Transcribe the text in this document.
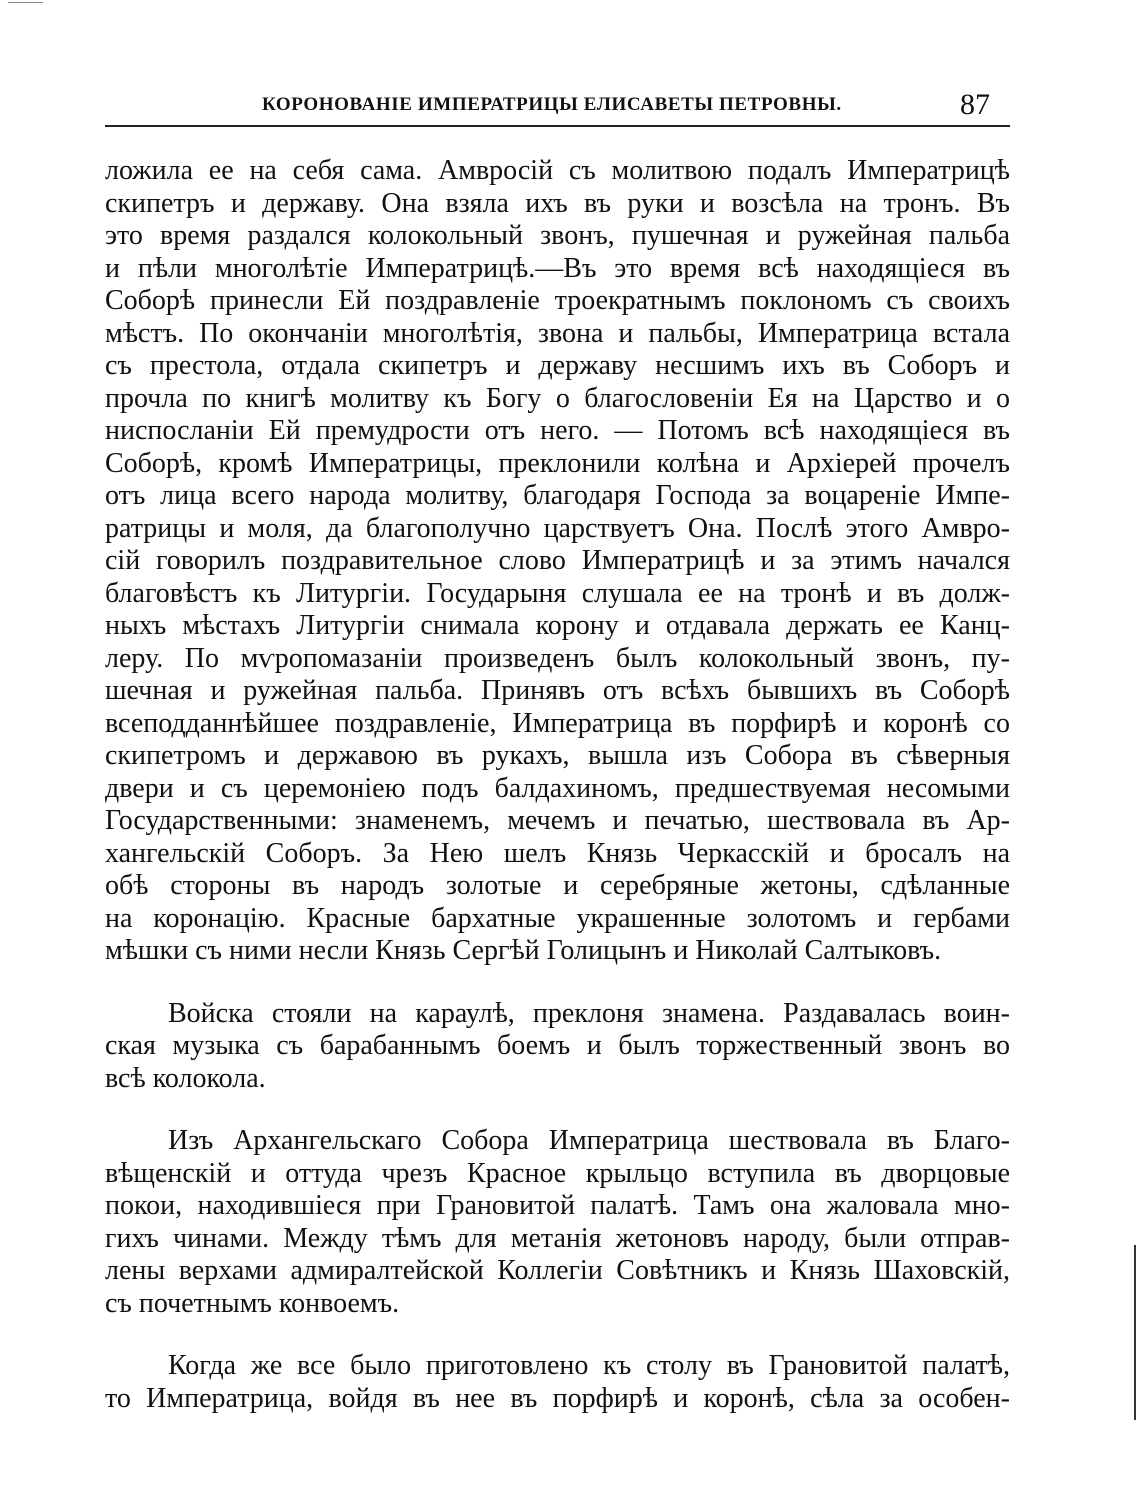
КОРОНОВАНІЕ ИМПЕРАТРИЦЫ ЕЛИСАВЕТЫ ПЕТРОВНЫ.	87
ложила ее на себя сама. Амвросій съ молитвою подалъ Императрицѣ
скипетръ и державу. Она взяла ихъ въ руки и возсѣла на тронъ. Въ
это время раздался колокольный звонъ, пушечная и ружейная пальба
и пѣли многолѣтіе Императрицѣ.—Въ это время всѣ находящіеся въ
Соборѣ принесли Ей поздравленіе троекратнымъ поклономъ съ своихъ
мѣстъ. По окончаніи многолѣтія, звона и пальбы, Императрица встала
съ престола, отдала скипетръ и державу несшимъ ихъ въ Соборъ и
прочла по книгѣ молитву къ Богу о благословеніи Ея на Царство и о
ниспосланіи Ей премудрости отъ него. — Потомъ всѣ находящіеся въ
Соборѣ, кромѣ Императрицы, преклонили колѣна и Архіерей прочелъ
отъ лица всего народа молитву, благодаря Господа за воцареніе Импе-
ратрицы и моля, да благополучно царствуетъ Она. Послѣ этого Амвро-
сій говорилъ поздравительное слово Императрицѣ и за этимъ начался
благовѣстъ къ Литургіи. Государыня слушала ее на тронѣ и въ долж-
ныхъ мѣстахъ Литургіи снимала корону и отдавала держать ее Канц-
леру. По мѵропомазаніи произведенъ былъ колокольный звонъ, пу-
шечная и ружейная пальба. Принявъ отъ всѣхъ бывшихъ въ Соборѣ
всеподданнѣйшее поздравленіе, Императрица въ порфирѣ и коронѣ со
скипетромъ и державою въ рукахъ, вышла изъ Собора въ сѣверныя
двери и съ церемоніею подъ балдахиномъ, предшествуемая несомыми
Государственными: знаменемъ, мечемъ и печатью, шествовала въ Ар-
хангельскій Соборъ. За Нею шелъ Князь Черкасскій и бросалъ на
обѣ стороны въ народъ золотые и серебряные жетоны, сдѣланные
на коронацію. Красные бархатные украшенные золотомъ и гербами
мѣшки съ ними несли Князь Сергѣй Голицынъ и Николай Салтыковъ.
Войска стояли на караулѣ, преклоня знамена. Раздавалась воин-
ская музыка съ барабаннымъ боемъ и былъ торжественный звонъ во
всѣ колокола.
Изъ Архангельскаго Собора Императрица шествовала въ Благо-
вѣщенскій и оттуда чрезъ Красное крыльцо вступила въ дворцовые
покои, находившіеся при Грановитой палатѣ. Тамъ она жаловала мно-
гихъ чинами. Между тѣмъ для метанія жетоновъ народу, были отправ-
лены верхами адмиралтейской Коллегіи Совѣтникъ и Князь Шаховскій,
съ почетнымъ конвоемъ.
Когда же все было приготовлено къ столу въ Грановитой палатѣ,
то Императрица, войдя въ нее въ порфирѣ и коронѣ, сѣла за особен-
